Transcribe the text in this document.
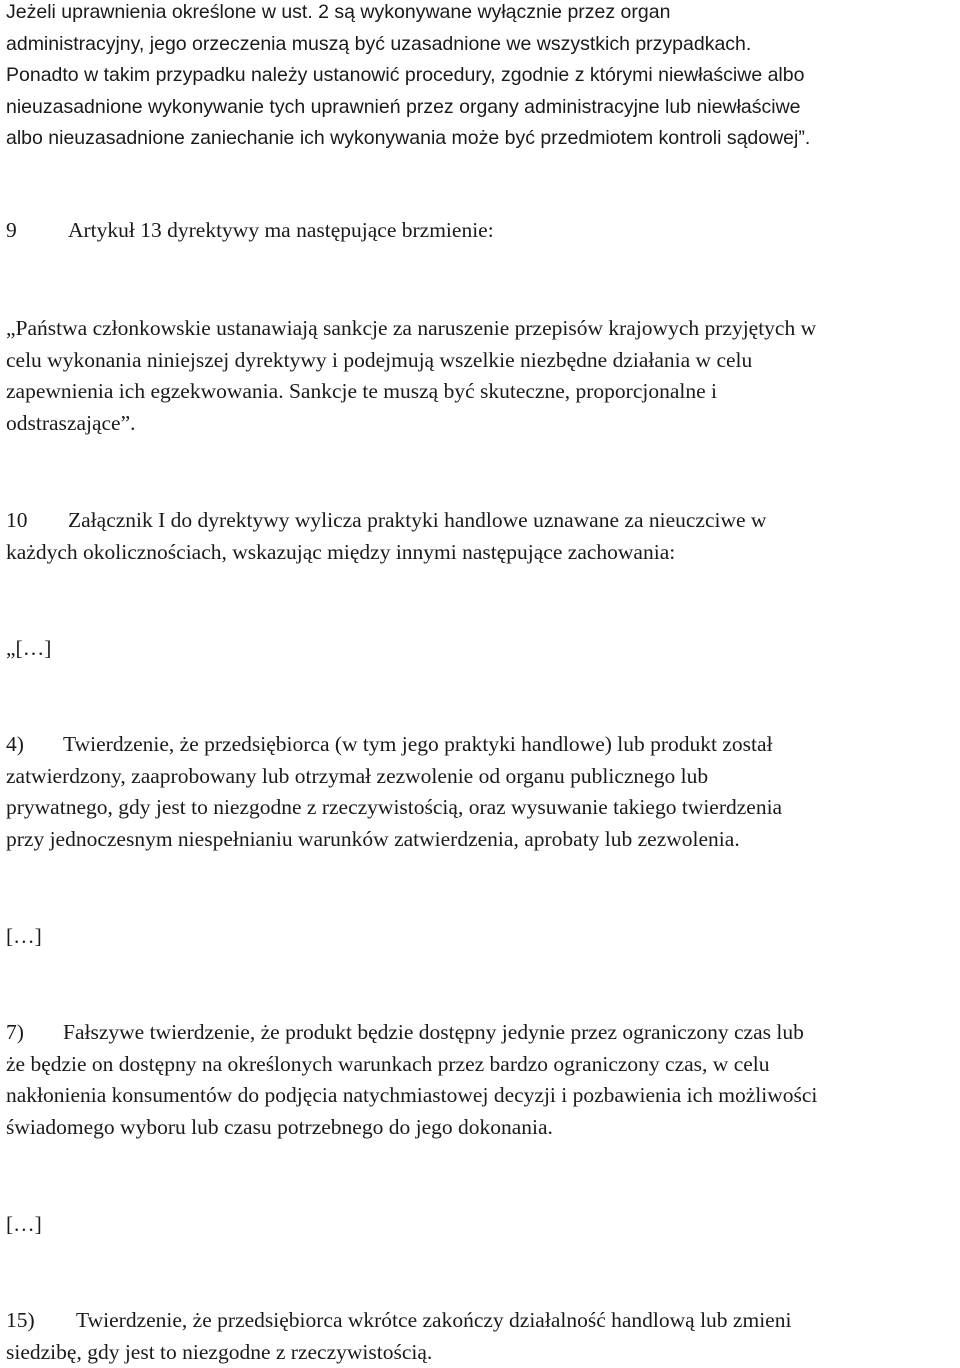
Jeżeli uprawnienia określone w ust. 2 są wykonywane wyłącznie przez organ
administracyjny, jego orzeczenia muszą być uzasadnione we wszystkich przypadkach.
Ponadto w takim przypadku należy ustanowić procedury, zgodnie z którymi niewłaściwe albo
nieuzasadnione wykonywanie tych uprawnień przez organy administracyjne lub niewłaściwe
albo nieuzasadnione zaniechanie ich wykonywania może być przedmiotem kontroli sądowej”.
9 Artykuł 13 dyrektywy ma następujące brzmienie:
„Państwa członkowskie ustanawiają sankcje za naruszenie przepisów krajowych przyjętych w
celu wykonania niniejszej dyrektywy i podejmują wszelkie niezbędne działania w celu
zapewnienia ich egzekwowania. Sankcje te muszą być skuteczne, proporcjonalne i
odstraszające”.
10 Załącznik I do dyrektywy wylicza praktyki handlowe uznawane za nieuczciwe w
każdych okolicznościach, wskazując między innymi następujące zachowania:
„[…]
4) Twierdzenie, że przedsiębiorca (w tym jego praktyki handlowe) lub produkt został
zatwierdzony, zaaprobowany lub otrzymał zezwolenie od organu publicznego lub
prywatnego, gdy jest to niezgodne z rzeczywistością, oraz wysuwanie takiego twierdzenia
przy jednoczesnym niespełnianiu warunków zatwierdzenia, aprobaty lub zezwolenia.
[…]
7) Fałszywe twierdzenie, że produkt będzie dostępny jedynie przez ograniczony czas lub
że będzie on dostępny na określonych warunkach przez bardzo ograniczony czas, w celu
nakłonienia konsumentów do podjęcia natychmiastowej decyzji i pozbawienia ich możliwości
świadomego wyboru lub czasu potrzebnego do jego dokonania.
[…]
15) Twierdzenie, że przedsiębiorca wkrótce zakończy działalność handlową lub zmieni
siedzibę, gdy jest to niezgodne z rzeczywistością.
